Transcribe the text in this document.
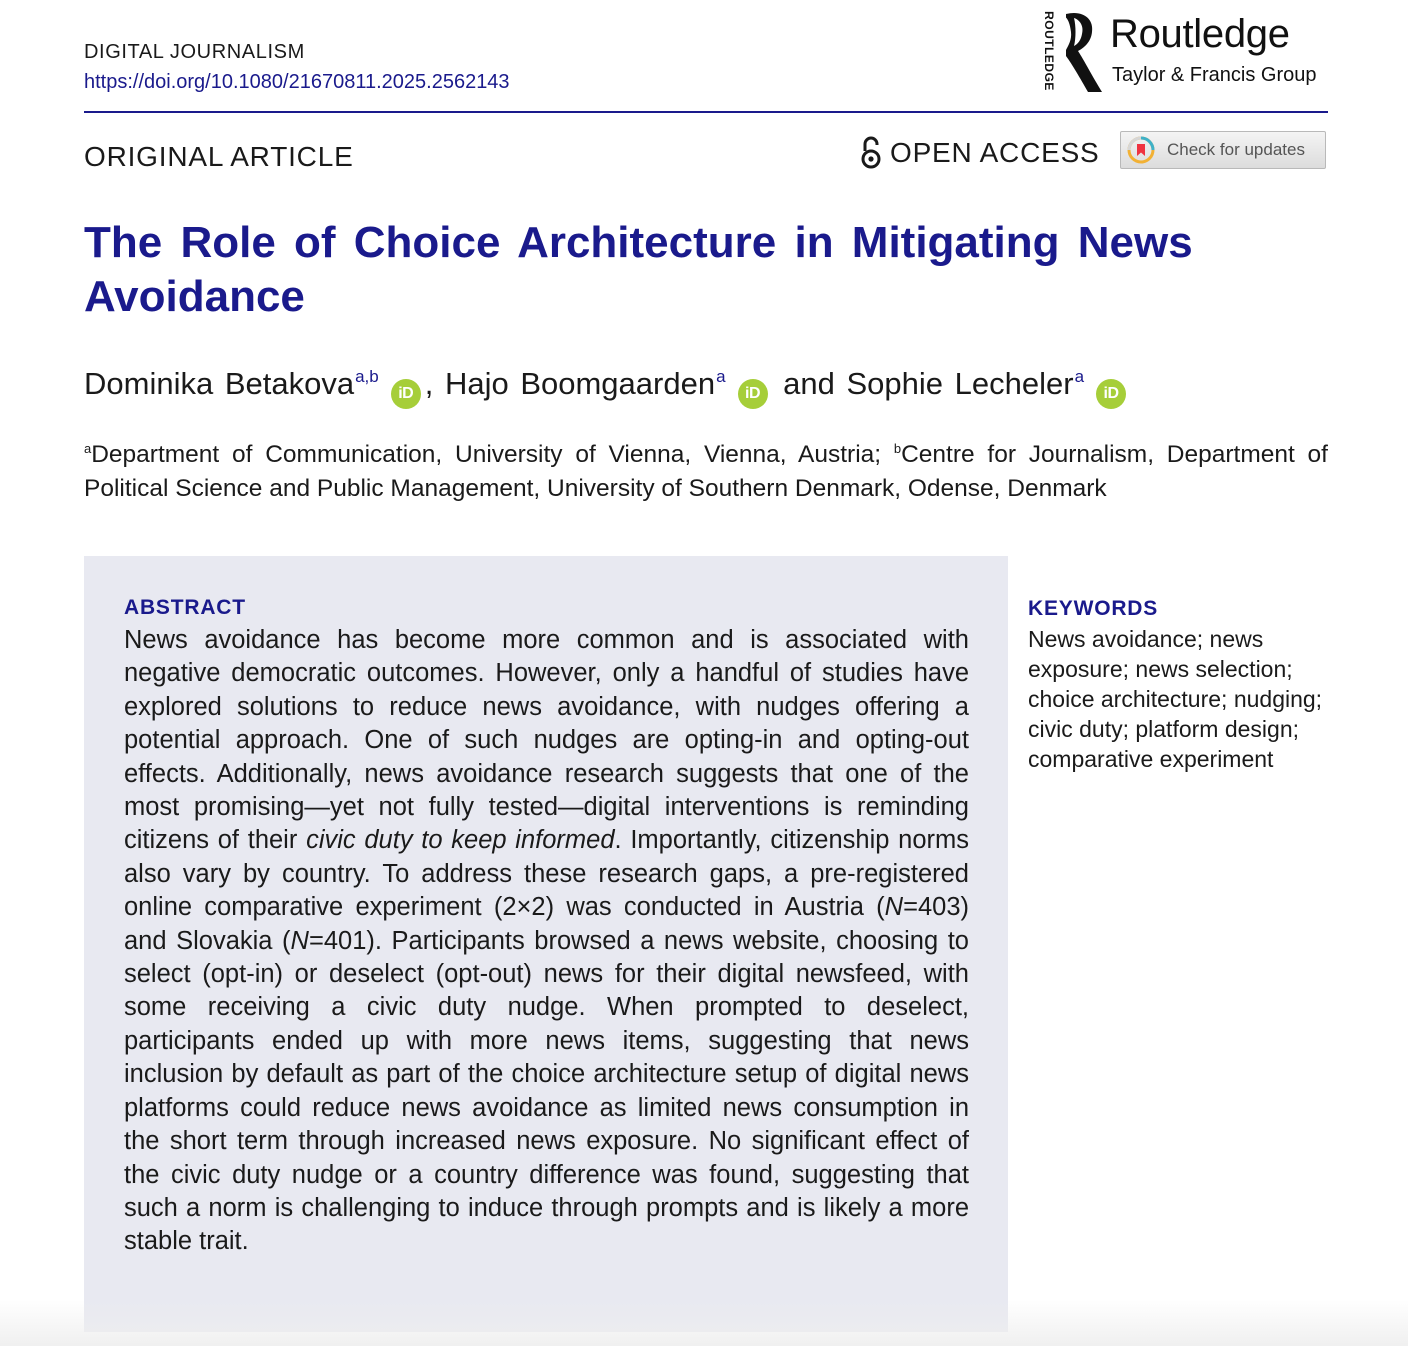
DIGITAL JOURNALISM
https://doi.org/10.1080/21670811.2025.2562143	ROUTLEDGE Routledge
Taylor & Francis Group
ORIGINAL ARTICLE	OPEN ACCESS	Check for updates
The Role of Choice Architecture in Mitigating News Avoidance
Dominika Betakova$^{a,b}$iD , Hajo Boomgaarden$^a$iD and Sophie Lecheler$^a$iD

$^a$Department of Communication, University of Vienna, Vienna, Austria; $^b$Centre for Journalism, Department of Political Science and Public Management, University of Southern Denmark, Odense, Denmark

ABSTRACT

News avoidance has become more common and is associated with negative democratic outcomes. However, only a handful of studies have explored solutions to reduce news avoidance, with nudges offering a potential approach. One of such nudges are opting-in and opting-out effects. Additionally, news avoidance research suggests that one of the most promising—yet not fully tested—digital interventions is reminding citizens of their civic duty to keep informed. Importantly, citizenship norms also vary by country. To address these research gaps, a pre-registered online comparative experiment (2×2) was conducted in Austria (N=403) and Slovakia (N=401). Participants browsed a news website, choosing to select (opt-in) or deselect (opt-out) news for their digital newsfeed, with some receiving a civic duty nudge. When prompted to deselect, participants ended up with more news items, suggesting that news inclusion by default as part of the choice architecture setup of digital news platforms could reduce news avoidance as limited news consumption in the short term through increased news exposure. No significant effect of the civic duty nudge or a country difference was found, suggesting that such a norm is challenging to induce through prompts and is likely a more stable trait.

KEYWORDS

News avoidance; news exposure; news selection; choice architecture; nudging; civic duty; platform design; comparative experiment
